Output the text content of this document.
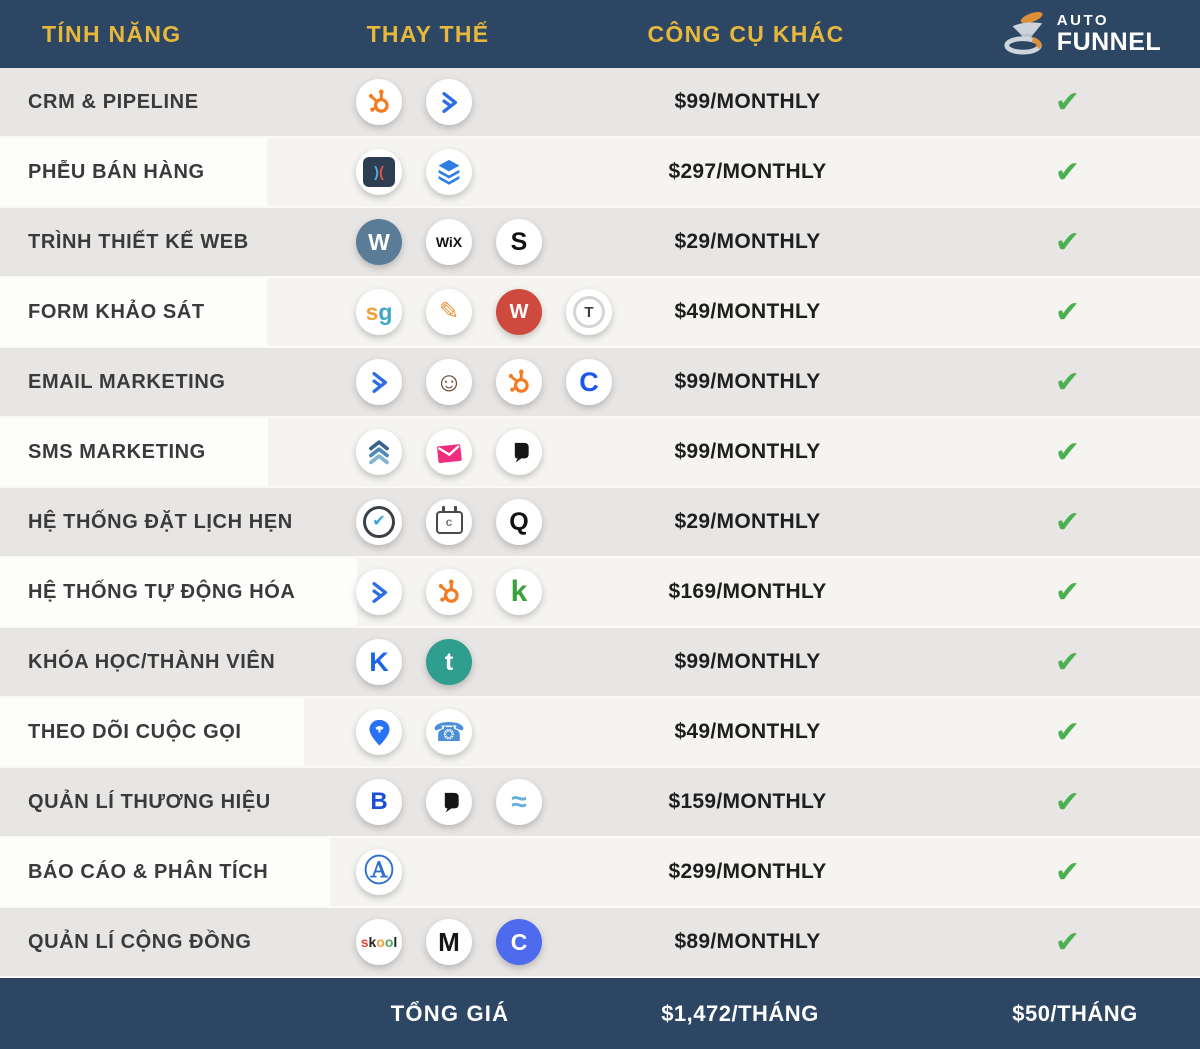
TÍNH NĂNG	THAY THẾ	CÔNG CỤ KHÁC	AUTO
FUNNEL
CRM & PIPELINE	$99/MONTHLY	✔
PHỄU BÁN HÀNG	) (	$297/MONTHLY	✔
TRÌNH THIẾT KẾ WEB	W	WiX	S	$29/MONTHLY	✔
FORM KHẢO SÁT	s g	✎	W	T	$49/MONTHLY	✔
EMAIL MARKETING	☺	C	$99/MONTHLY	✔
SMS MARKETING	$99/MONTHLY	✔
HỆ THỐNG ĐẶT LỊCH HẸN	✔	c	Q	$29/MONTHLY	✔
HỆ THỐNG TỰ ĐỘNG HÓA	k	$169/MONTHLY	✔
KHÓA HỌC/THÀNH VIÊN	K	t	$99/MONTHLY	✔
THEO DÕI CUỘC GỌI	☎	$49/MONTHLY	✔
QUẢN LÍ THƯƠNG HIỆU	B	≈	$159/MONTHLY	✔
BÁO CÁO & PHÂN TÍCH	Ⓐ	$299/MONTHLY	✔
QUẢN LÍ CỘNG ĐỒNG	s k o o l	M	C	$89/MONTHLY	✔
TỔNG GIÁ	$1,472/THÁNG	$50/THÁNG
